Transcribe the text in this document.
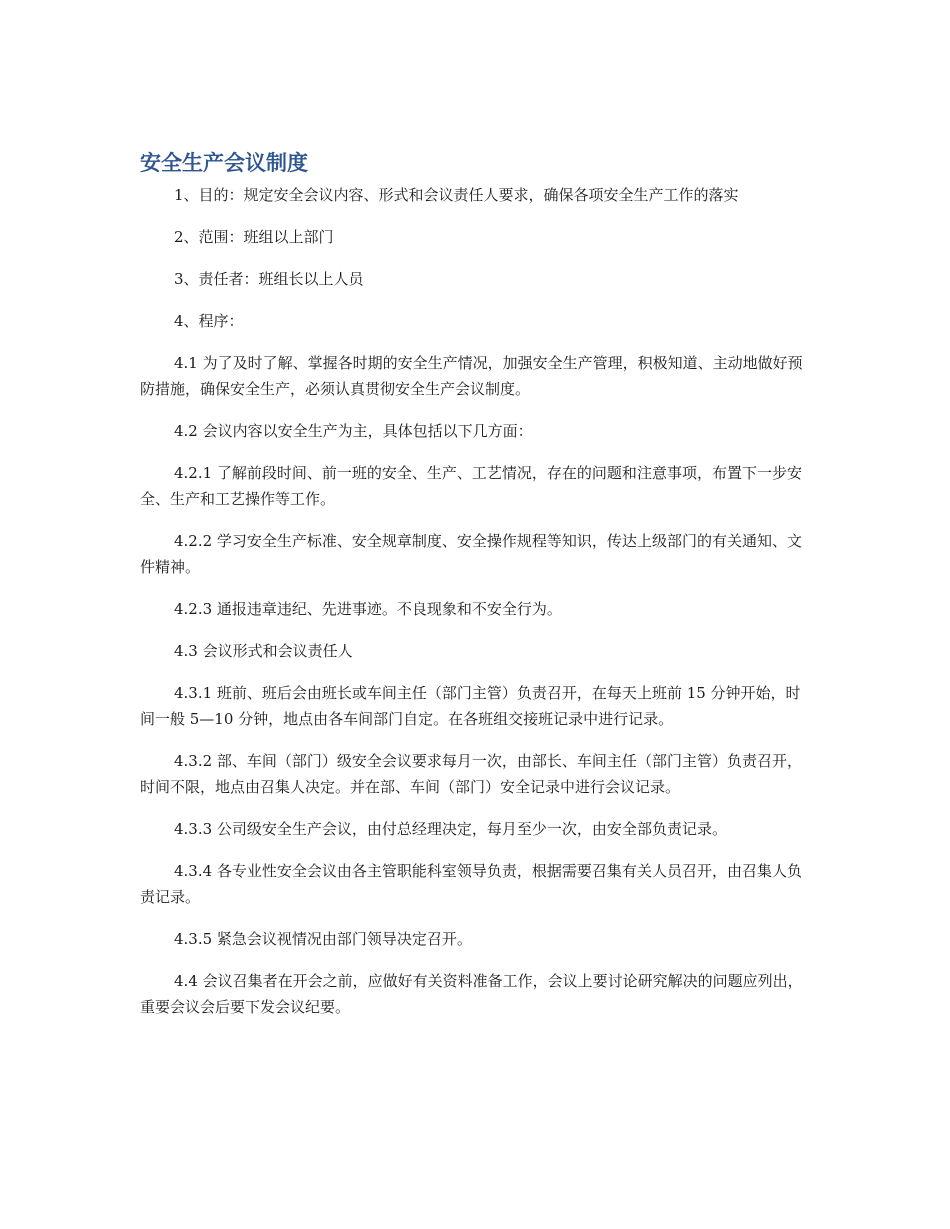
安全生产会议制度

1、目的：规定安全会议内容、形式和会议责任人要求，确保各项安全生产工作的落实

2、范围：班组以上部门

3、责任者：班组长以上人员

4、程序：

4.1 为了及时了解、掌握各时期的安全生产情况，加强安全生产管理，积极知道、主动地做好预防措施，确保安全生产，必须认真贯彻安全生产会议制度。

4.2 会议内容以安全生产为主，具体包括以下几方面：

4.2.1 了解前段时间、前一班的安全、生产、工艺情况，存在的问题和注意事项，布置下一步安全、生产和工艺操作等工作。

4.2.2 学习安全生产标准、安全规章制度、安全操作规程等知识，传达上级部门的有关通知、文件精神。

4.2.3 通报违章违纪、先进事迹。不良现象和不安全行为。

4.3 会议形式和会议责任人

4.3.1 班前、班后会由班长或车间主任（部门主管）负责召开，在每天上班前 15 分钟开始，时间一般 5—10 分钟，地点由各车间部门自定。在各班组交接班记录中进行记录。

4.3.2 部、车间（部门）级安全会议要求每月一次，由部长、车间主任（部门主管）负责召开，时间不限，地点由召集人决定。并在部、车间（部门）安全记录中进行会议记录。

4.3.3 公司级安全生产会议，由付总经理决定，每月至少一次，由安全部负责记录。

4.3.4 各专业性安全会议由各主管职能科室领导负责，根据需要召集有关人员召开，由召集人负责记录。

4.3.5 紧急会议视情况由部门领导决定召开。

4.4 会议召集者在开会之前，应做好有关资料准备工作，会议上要讨论研究解决的问题应列出，重要会议会后要下发会议纪要。
